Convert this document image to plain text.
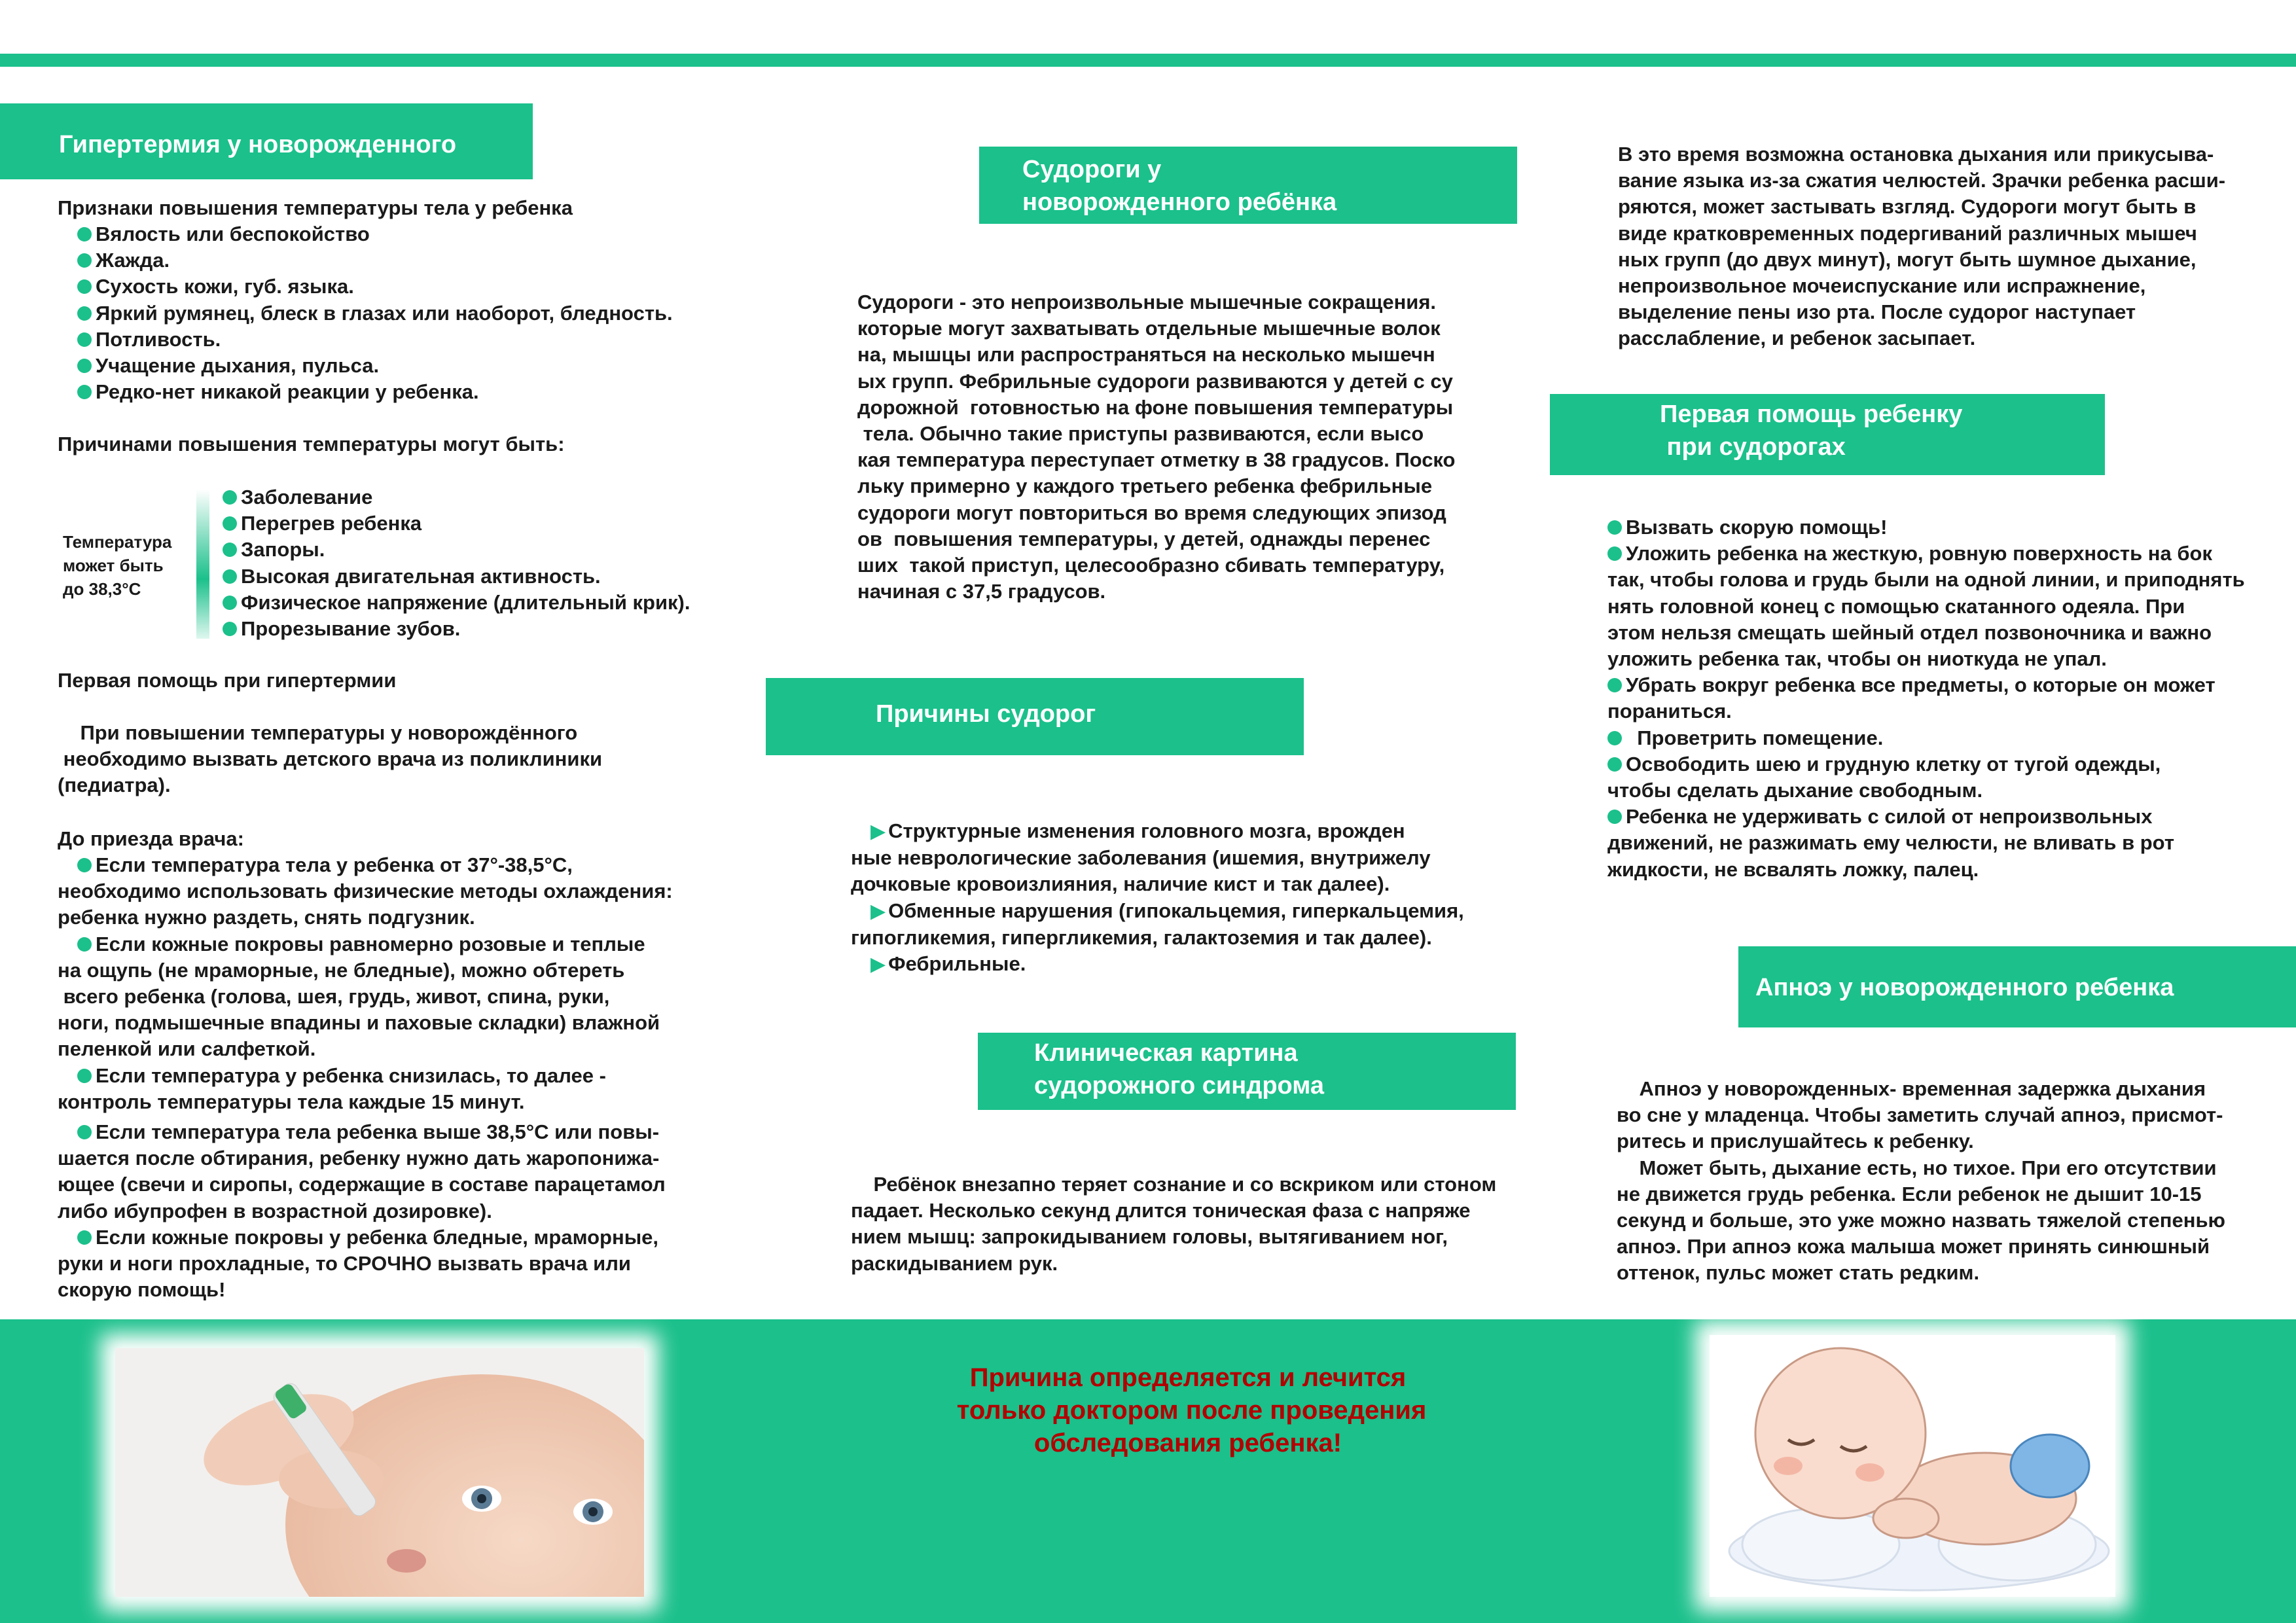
Гипертермия у новорожденного

Признаки повышения температуры тела у ребенка

Вялость или беспокойство
Жажда.
Сухость кожи, губ. языка.
Яркий румянец, блеск в глазах или наоборот, бледность.
Потливость.
Учащение дыхания, пульса.
Редко-нет никакой реакции у ребенка.

Причинами повышения температуры могут быть:

Температура
может быть
до 38,3°С

Заболевание
Перегрев ребенка
Запоры.
Высокая двигательная активность.
Физическое напряжение (длительный крик).
Прорезывание зубов.

Первая помощь при гипертермии

При повышении температуры у новорождённого
необходимо вызвать детского врача из поликлиники
(педиатра).

До приезда врача:

Если температура тела у ребенка от 37°-38,5°С,
необходимо использовать физические методы охлаждения:
ребенка нужно раздеть, снять подгузник.
Если кожные покровы равномерно розовые и теплые
на ощупь (не мраморные, не бледные), можно обтереть
всего ребенка (голова, шея, грудь, живот, спина, руки,
ноги, подмышечные впадины и паховые складки) влажной
пеленкой или салфеткой.
Если температура у ребенка снизилась, то далее -
контроль температуры тела каждые 15 минут.
Если температура тела ребенка выше 38,5°С или повы-
шается после обтирания, ребенку нужно дать жаропонижа-
ющее (свечи и сиропы, содержащие в составе парацетамол
либо ибупрофен в возрастной дозировке).
Если кожные покровы у ребенка бледные, мраморные,
руки и ноги прохладные, то СРОЧНО вызвать врача или
скорую помощь!
Судороги у
новорожденного ребёнка

Судороги - это непроизвольные мышечные сокращения.
которые могут захватывать отдельные мышечные волок
на, мышцы или распространяться на несколько мышечн
ых групп. Фебрильные судороги развиваются у детей с су
дорожной  готовностью на фоне повышения температуры
тела. Обычно такие приступы развиваются, если высо
кая температура переступает отметку в 38 градусов. Поско
льку примерно у каждого третьего ребенка фебрильные
судороги могут повториться во время следующих эпизод
ов  повышения температуры, у детей, однажды перенес
ших  такой приступ, целесообразно сбивать температуру,
начиная с 37,5 градусов.

Причины судорог
▶ Структурные изменения головного мозга, врожден
ные неврологические заболевания (ишемия, внутрижелу
дочковые кровоизлияния, наличие кист и так далее).
▶ Обменные нарушения (гипокальцемия, гиперкальцемия,
гипогликемия, гипергликемия, галактоземия и так далее).
▶ Фебрильные.
Клиническая картина
судорожного синдрома

Ребёнок внезапно теряет сознание и со вскриком или стоном
падает. Несколько секунд длится тоническая фаза с напряже
нием мышц: запрокидыванием головы, вытягиванием ног,
раскидыванием рук.

В это время возможна остановка дыхания или прикусыва-
вание языка из-за сжатия челюстей. Зрачки ребенка расши-
ряются, может застывать взгляд. Судороги могут быть в
виде кратковременных подергиваний различных мышеч
ных групп (до двух минут), могут быть шумное дыхание,
непроизвольное мочеиспускание или испражнение,
выделение пены изо рта. После судорог наступает
расслабление, и ребенок засыпает.

Первая помощь ребенку
при судорогах
Вызвать скорую помощь!
Уложить ребенка на жесткую, ровную поверхность на бок
так, чтобы голова и грудь были на одной линии, и приподнять
нять головной конец с помощью скатанного одеяла. При
этом нельзя смещать шейный отдел позвоночника и важно
уложить ребенка так, чтобы он ниоткуда не упал.
Убрать вокруг ребенка все предметы, о которые он может
пораниться.
Проветрить помещение.
Освободить шею и грудную клетку от тугой одежды,
чтобы сделать дыхание свободным.
Ребенка не удерживать с силой от непроизвольных
движений, не разжимать ему челюсти, не вливать в рот
жидкости, не всвалять ложку, палец.
Апноэ у новорожденного ребенка

Апноэ у новорожденных- временная задержка дыхания
во сне у младенца. Чтобы заметить случай апноэ, присмот-
ритесь и прислушайтесь к ребенку.
Может быть, дыхание есть, но тихое. При его отсутствии
не движется грудь ребенка. Если ребенок не дышит 10-15
секунд и больше, это уже можно назвать тяжелой степенью
апноэ. При апноэ кожа малыша может принять синюшный
оттенок, пульс может стать редким.

Причина определяется и лечится
только доктором после проведения
обследования ребенка!
